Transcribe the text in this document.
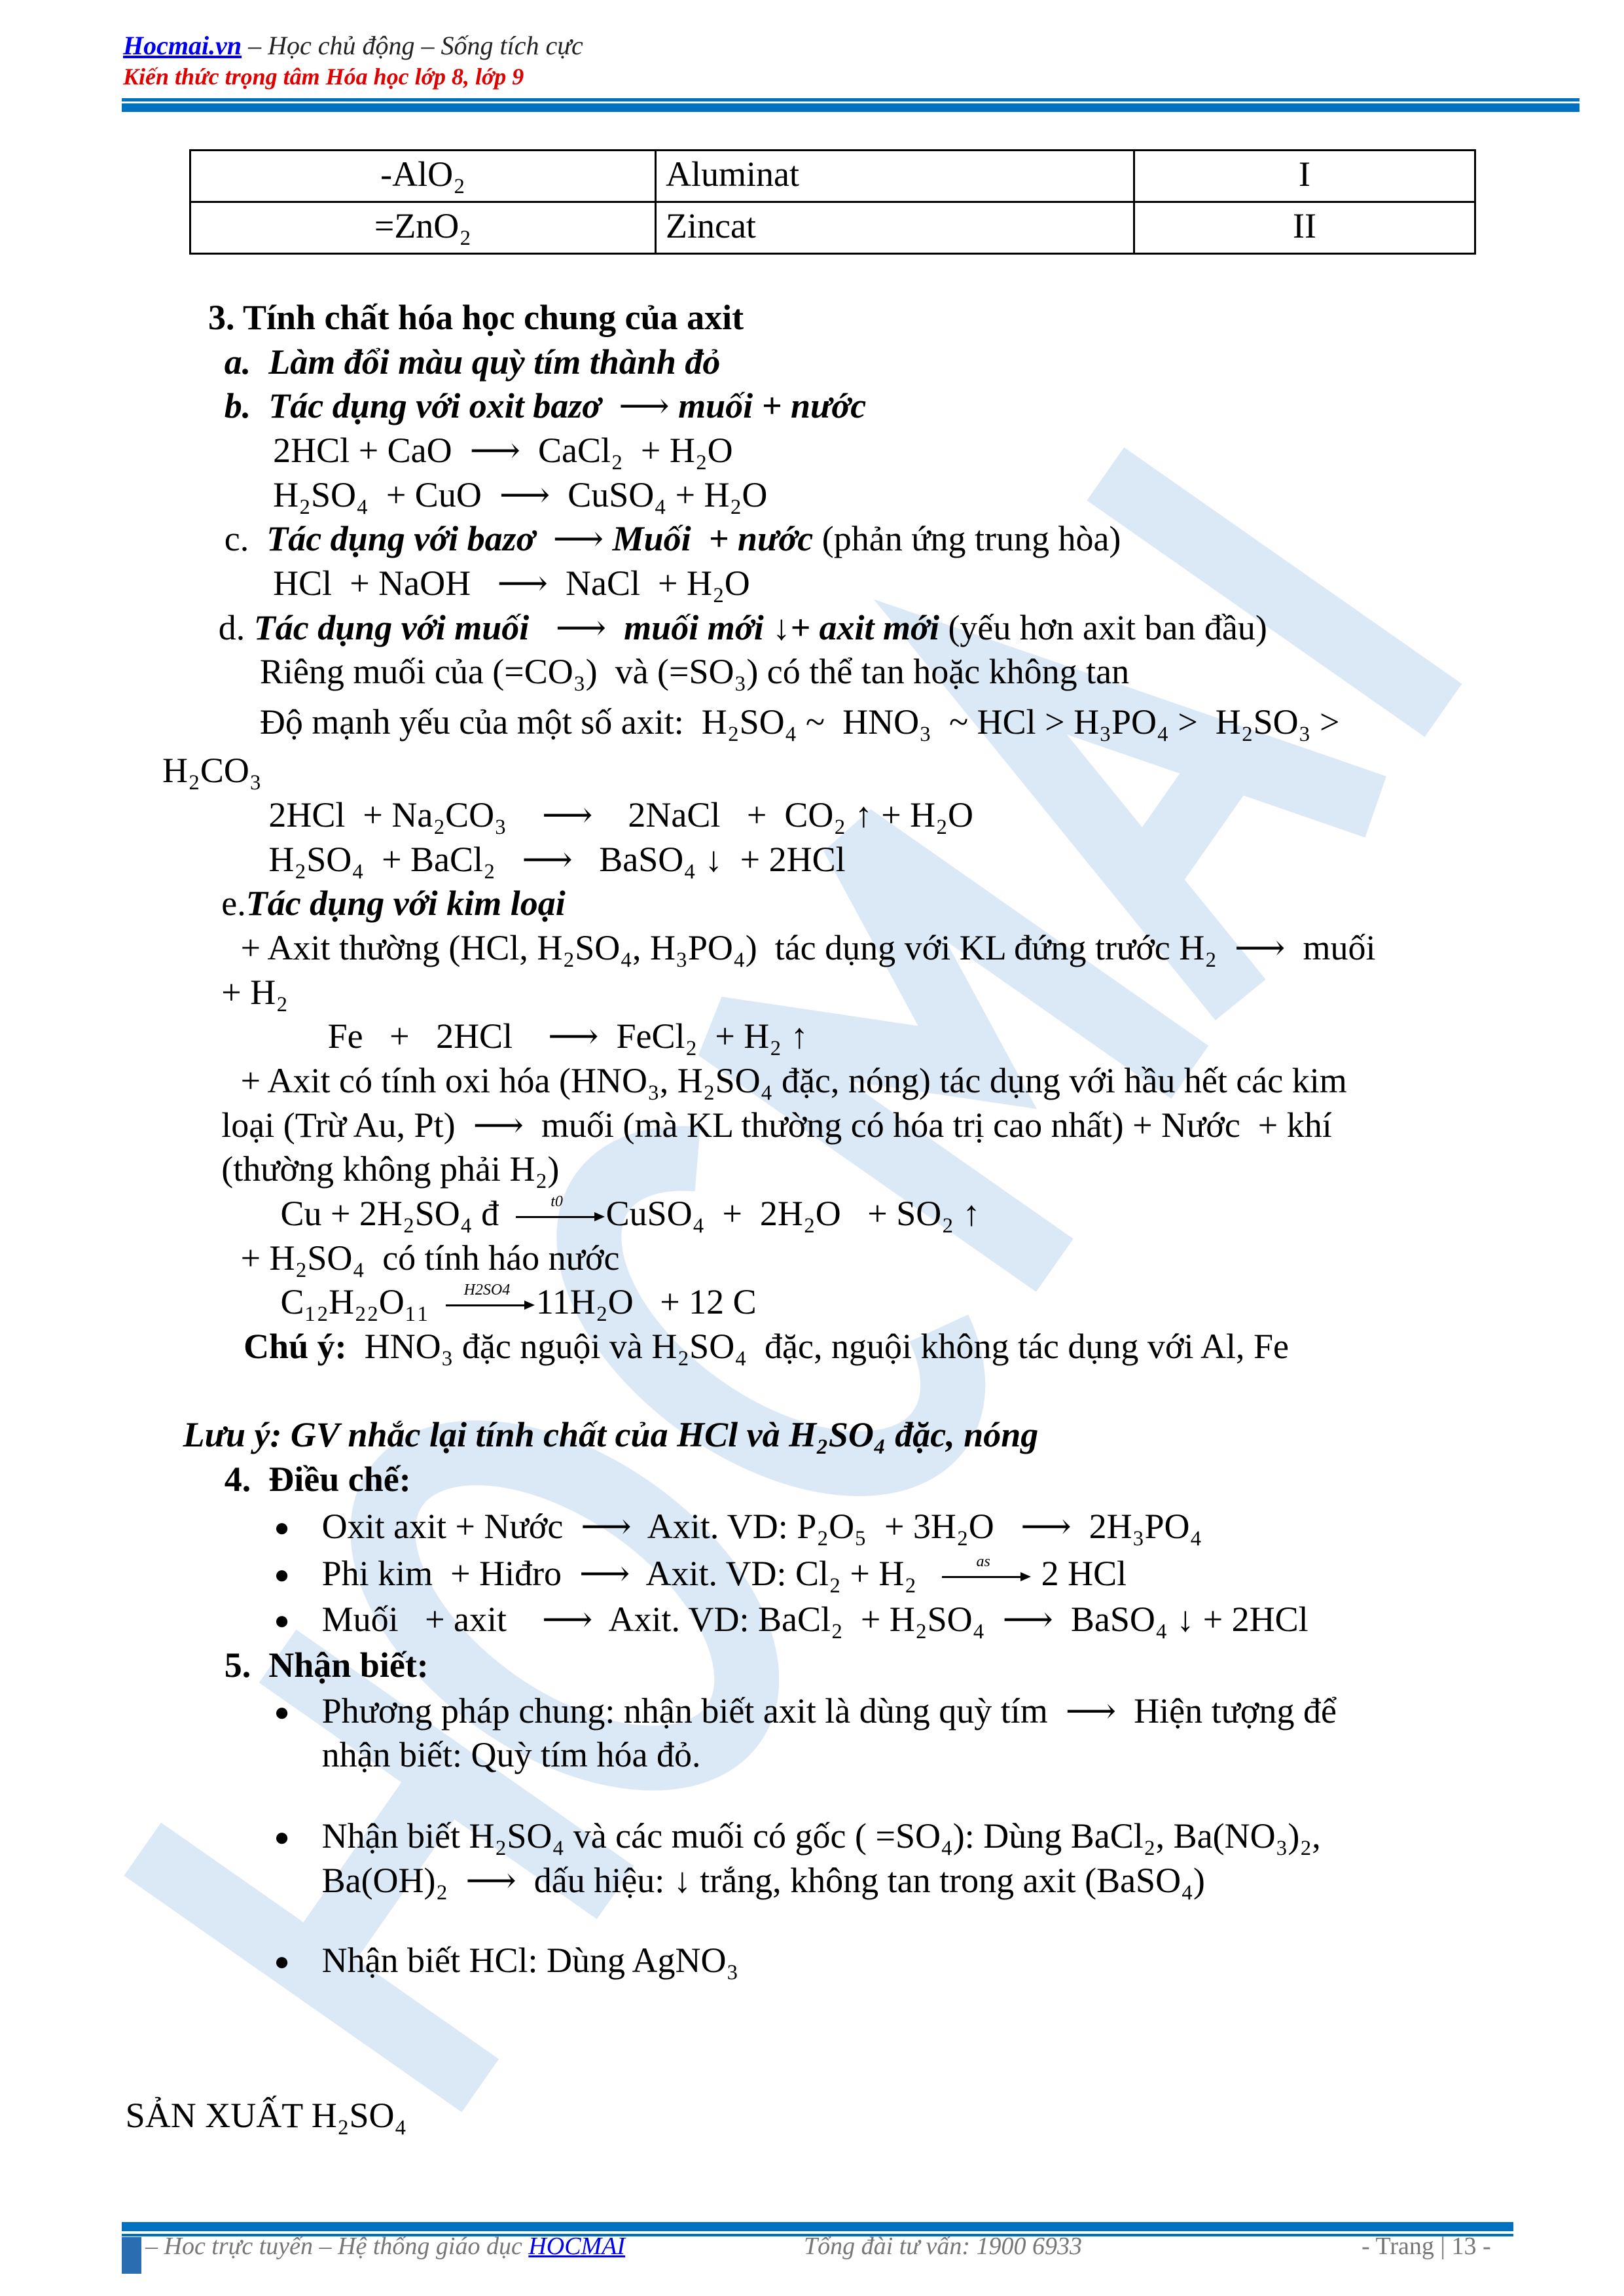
Hocmai.vn – Học chủ động – Sống tích cực
Kiến thức trọng tâm Hóa học lớp 8, lớp 9
-AlO₂	Aluminat	I
=ZnO₂	Zincat	II
3. Tính chất hóa học chung của axit
a.  Làm đổi màu quỳ tím thành đỏ
b.  Tác dụng với oxit bazơ  ⟶ muối + nước
2HCl + CaO  ⟶  CaCl₂  + H₂O
H₂SO₄  + CuO  ⟶  CuSO₄ + H₂O
c.  Tác dụng với bazơ  ⟶ Muối  + nước (phản ứng trung hòa)
HCl  + NaOH   ⟶  NaCl  + H₂O
d. Tác dụng với muối   ⟶  muối mới ↓+ axit mới (yếu hơn axit ban đầu)
Riêng muối của (=CO₃)  và (=SO₃) có thể tan hoặc không tan
Độ mạnh yếu của một số axit:  H₂SO₄ ~  HNO₃  ~ HCl > H₃PO₄ >  H₂SO₃ >
H₂CO₃
2HCl  + Na₂CO₃    ⟶    2NaCl   +  CO₂ ↑ + H₂O
H₂SO₄  + BaCl₂   ⟶   BaSO₄ ↓  + 2HCl
e.Tác dụng với kim loại
+ Axit thường (HCl, H₂SO₄, H₃PO₄)  tác dụng với KL đứng trước H₂  ⟶  muối
+ H₂
Fe   +   2HCl    ⟶  FeCl₂  + H₂ ↑
+ Axit có tính oxi hóa (HNO₃, H₂SO₄ đặc, nóng) tác dụng với hầu hết các kim
loại (Trừ Au, Pt)  ⟶  muối (mà KL thường có hóa trị cao nhất) + Nước  + khí
(thường không phải H₂)
Cu + 2H₂SO₄ đ	t0	CuSO₄  +  2H₂O   + SO₂ ↑
+ H₂SO₄  có tính háo nước
C₁₂H₂₂O₁₁	H2SO4 11H₂O   + 12 C
Chú ý:  HNO₃ đặc nguội và H₂SO₄  đặc, nguội không tác dụng với Al, Fe
Lưu ý: GV nhắc lại tính chất của HCl và H₂SO₄ đặc, nóng
4.  Điều chế:
Oxit axit + Nước  ⟶  Axit. VD: P₂O₅  + 3H₂O   ⟶  2H₃PO₄
●
Phi kim  + Hiđro  ⟶  Axit. VD: Cl₂ + H₂	as	2 HCl
●
Muối   + axit    ⟶  Axit. VD: BaCl₂  + H₂SO₄  ⟶  BaSO₄ ↓ + 2HCl
●
5.  Nhận biết:
Phương pháp chung: nhận biết axit là dùng quỳ tím  ⟶  Hiện tượng để
●
nhận biết: Quỳ tím hóa đỏ.
Nhận biết H₂SO₄ và các muối có gốc ( =SO₄): Dùng BaCl₂, Ba(NO₃)₂,
●
Ba(OH)₂  ⟶  dấu hiệu: ↓ trắng, không tan trong axit (BaSO₄)
Nhận biết HCl: Dùng AgNO₃
●
SẢN XUẤT H₂SO₄
– Hoc trực tuyến – Hệ thống giáo dục HOCMAI	Tổng đài tư vấn: 1900 6933	- Trang | 13 -
